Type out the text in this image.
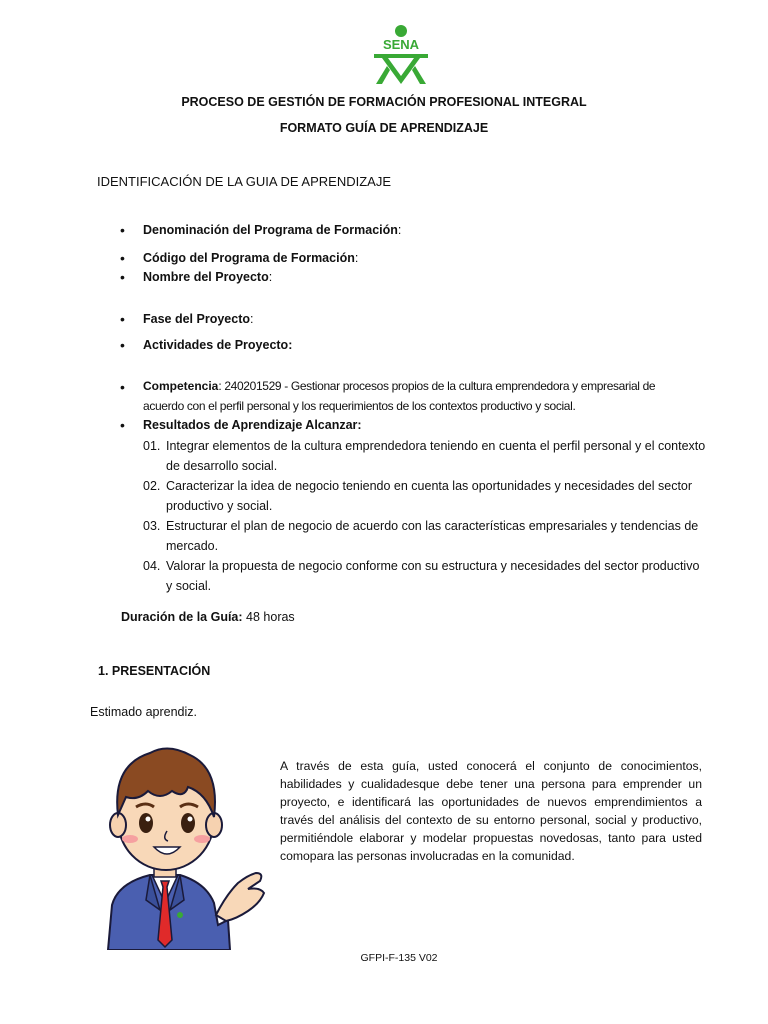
SENA
PROCESO DE GESTIÓN DE FORMACIÓN PROFESIONAL INTEGRAL
FORMATO GUÍA DE APRENDIZAJE
IDENTIFICACIÓN DE LA GUIA DE APRENDIZAJE
•	Denominación del Programa de Formación :
•	Código del Programa de Formación :
•	Nombre del Proyecto :
•	Fase del Proyecto :
•	Actividades de Proyecto:
• Competencia: 240201529 - Gestionar procesos propios de la cultura emprendedora y empresarial de
acuerdo con el perfil personal y los requerimientos de los contextos productivo y social.
•	Resultados de Aprendizaje Alcanzar:
01. Integrar elementos de la cultura emprendedora teniendo en cuenta el perfil personal y el contexto de desarrollo social.
02. Caracterizar la idea de negocio teniendo en cuenta las oportunidades y necesidades del sector productivo y social.
03. Estructurar el plan de negocio de acuerdo con las características empresariales y tendencias de mercado.
04. Valorar la propuesta de negocio conforme con su estructura y necesidades del sector productivo y social.
Duración de la Guía: 48 horas
1. PRESENTACIÓN
Estimado aprendiz.
A través de esta guía, usted conocerá el conjunto de conocimientos, habilidades y cualidadesque debe tener una persona para emprender un proyecto, e identificará las oportunidades de nuevos emprendimientos a través del análisis del contexto de su entorno personal, social y productivo, permitiéndole elaborar y modelar propuestas novedosas, tanto para usted comopara las personas involucradas en la comunidad.
GFPI-F-135 V02
